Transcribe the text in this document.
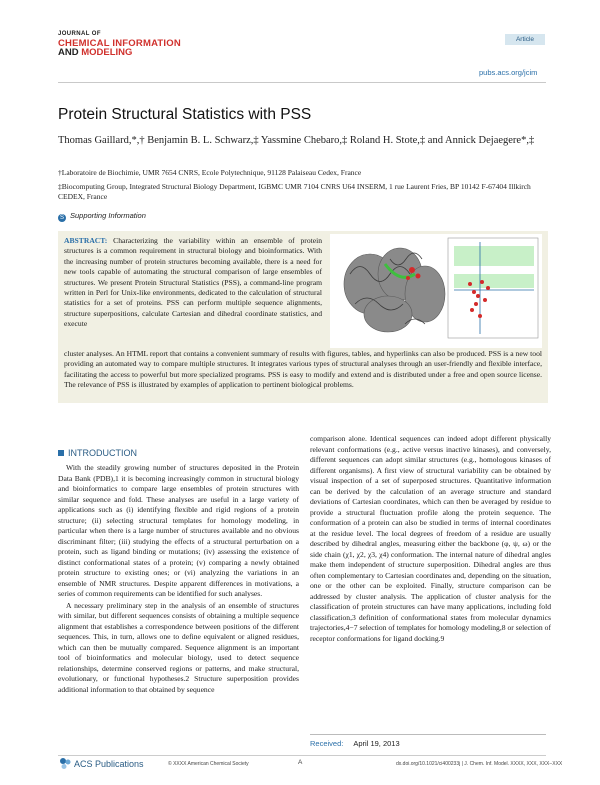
JOURNAL OF
CHEMICAL INFORMATION
AND MODELING
Article
pubs.acs.org/jcim
Protein Structural Statistics with PSS
Thomas Gaillard,*,† Benjamin B. L. Schwarz,‡ Yassmine Chebaro,‡ Roland H. Stote,‡ and Annick Dejaegere*,‡
†Laboratoire de Biochimie, UMR 7654 CNRS, Ecole Polytechnique, 91128 Palaiseau Cedex, France
‡Biocomputing Group, Integrated Structural Biology Department, IGBMC UMR 7104 CNRS U64 INSERM, 1 rue Laurent Fries, BP 10142 F-67404 Illkirch CEDEX, France
S Supporting Information
ABSTRACT: Characterizing the variability within an ensemble of protein structures is a common requirement in structural biology and bioinformatics. With the increasing number of protein structures becoming available, there is a need for new tools capable of automating the structural comparison of large ensembles of structures. We present Protein Structural Statistics (PSS), a command-line program written in Perl for Unix-like environments, dedicated to the calculation of structural statistics for a set of proteins. PSS can perform multiple sequence alignments, structure superpositions, calculate Cartesian and dihedral coordinate statistics, and execute
cluster analyses. An HTML report that contains a convenient summary of results with figures, tables, and hyperlinks can also be produced. PSS is a new tool providing an automated way to compare multiple structures. It integrates various types of structural analyses through an user-friendly and flexible interface, facilitating the access to powerful but more specialized programs. PSS is easy to modify and extend and is distributed under a free and open source license. The relevance of PSS is illustrated by examples of application to pertinent biological problems.
INTRODUCTION

With the steadily growing number of structures deposited in the Protein Data Bank (PDB),1 it is becoming increasingly common in structural biology and bioinformatics to compare large ensembles of protein structures with similar sequence and fold. These analyses are useful in a large variety of applications such as (i) identifying flexible and rigid regions of a protein structure; (ii) selecting structural templates for homology modeling, in particular when there is a large number of structures available and no obvious discriminant filter; (iii) studying the effects of a structural perturbation on a protein, such as ligand binding or mutations; (iv) assessing the existence of distinct conformational states of a protein; (v) comparing a newly obtained protein structure to existing ones; or (vi) analyzing the variations in an ensemble of NMR structures. Despite apparent differences in motivations, a series of common requirements can be identified for such analyses.

A necessary preliminary step in the analysis of an ensemble of structures with similar, but different sequences consists of obtaining a multiple sequence alignment that establishes a correspondence between positions of the different sequences. This, in turn, allows one to define equivalent or aligned residues, which can then be mutually compared. Sequence alignment is an important tool of bioinformatics and molecular biology, used to detect sequence relationships, determine conserved regions or patterns, and make structural, evolutionary, or functional hypotheses.2 Structure superposition provides additional information to that obtained by sequence

comparison alone. Identical sequences can indeed adopt different physically relevant conformations (e.g., active versus inactive kinases), and conversely, different sequences can adopt similar structures (e.g., homologous kinases of different organisms). A first view of structural variability can be obtained by visual inspection of a set of superposed structures. Quantitative information can be derived by the calculation of an average structure and standard deviations of Cartesian coordinates, which can then be averaged by residue to provide a structural fluctuation profile along the protein sequence. The conformation of a protein can also be studied in terms of internal coordinates at the residue level. The local degrees of freedom of a residue are usually described by dihedral angles, measuring either the backbone (φ, ψ, ω) or the side chain (χ1, χ2, χ3, χ4) conformation. The internal nature of dihedral angles make them independent of structure superposition. Dihedral angles are thus often complementary to Cartesian coordinates and, depending on the situation, one or the other can be exploited. Finally, structure comparison can be addressed by cluster analysis. The application of cluster analysis for the classification of protein structures can have many applications, including fold classification,3 definition of conformational states from molecular dynamics trajectories,4−7 selection of templates for homology modeling,8 or selection of receptor conformations for ligand docking.9

Received: April 19, 2013
ACS Publications	© XXXX American Chemical Society	A	dx.doi.org/10.1021/ci400233j | J. Chem. Inf. Model. XXXX, XXX, XXX−XXX
